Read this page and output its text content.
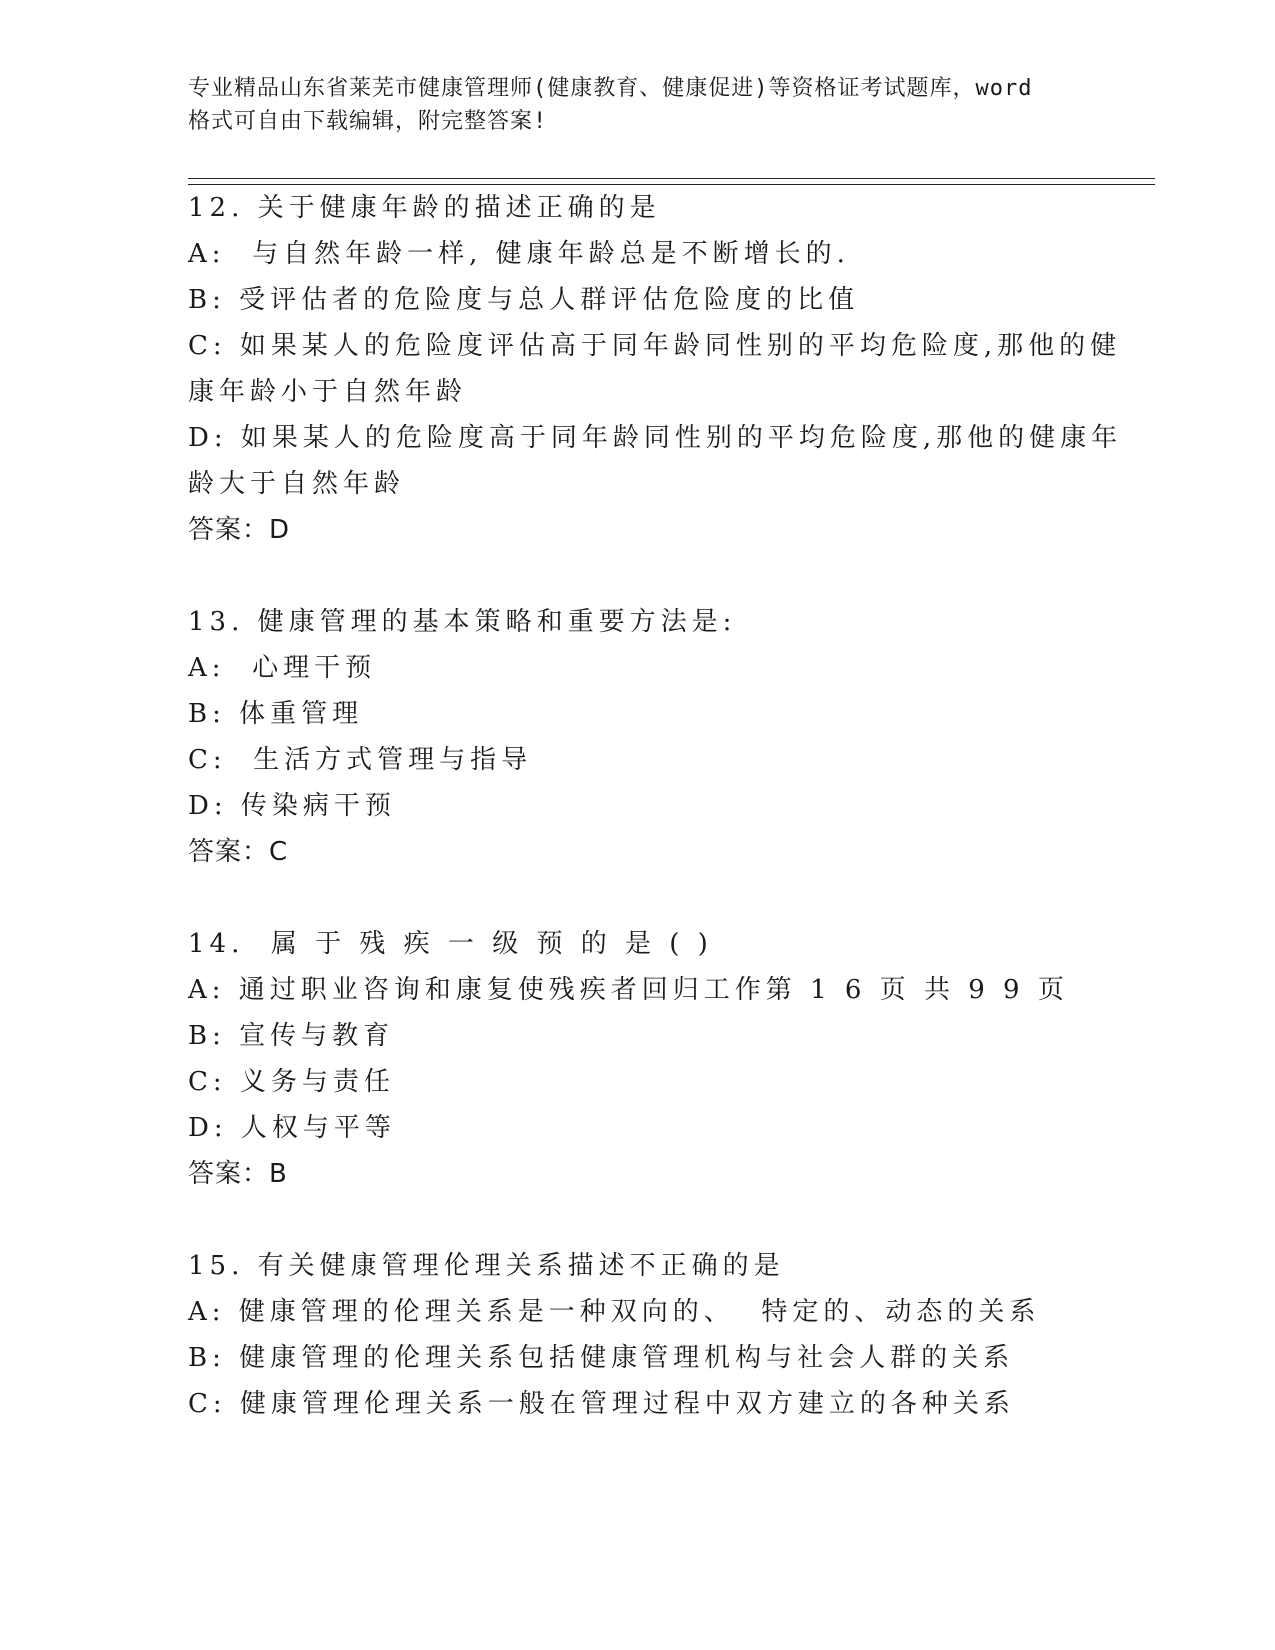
专业精品山东省莱芜市健康管理师(健康教育、健康促进)等资格证考试题库，word
格式可自由下载编辑，附完整答案!
12. 关于健康年龄的描述正确的是
A:  与自然年龄一样, 健康年龄总是不断增长的.
B: 受评估者的危险度与总人群评估危险度的比值
C: 如果某人的危险度评估高于同年龄同性别的平均危险度,那他的健
康年龄小于自然年龄
D: 如果某人的危险度高于同年龄同性别的平均危险度,那他的健康年
龄大于自然年龄
答案：D
13. 健康管理的基本策略和重要方法是:
A:  心理干预
B: 体重管理
C:  生活方式管理与指导
D: 传染病干预
答案：C
14.  属 于 残 疾 一 级 预 的 是 ( )
A: 通过职业咨询和康复使残疾者回归工作第 1 6 页 共 9 9 页
B: 宣传与教育
C: 义务与责任
D: 人权与平等
答案：B
15. 有关健康管理伦理关系描述不正确的是
A: 健康管理的伦理关系是一种双向的、  特定的、动态的关系
B: 健康管理的伦理关系包括健康管理机构与社会人群的关系
C: 健康管理伦理关系一般在管理过程中双方建立的各种关系
